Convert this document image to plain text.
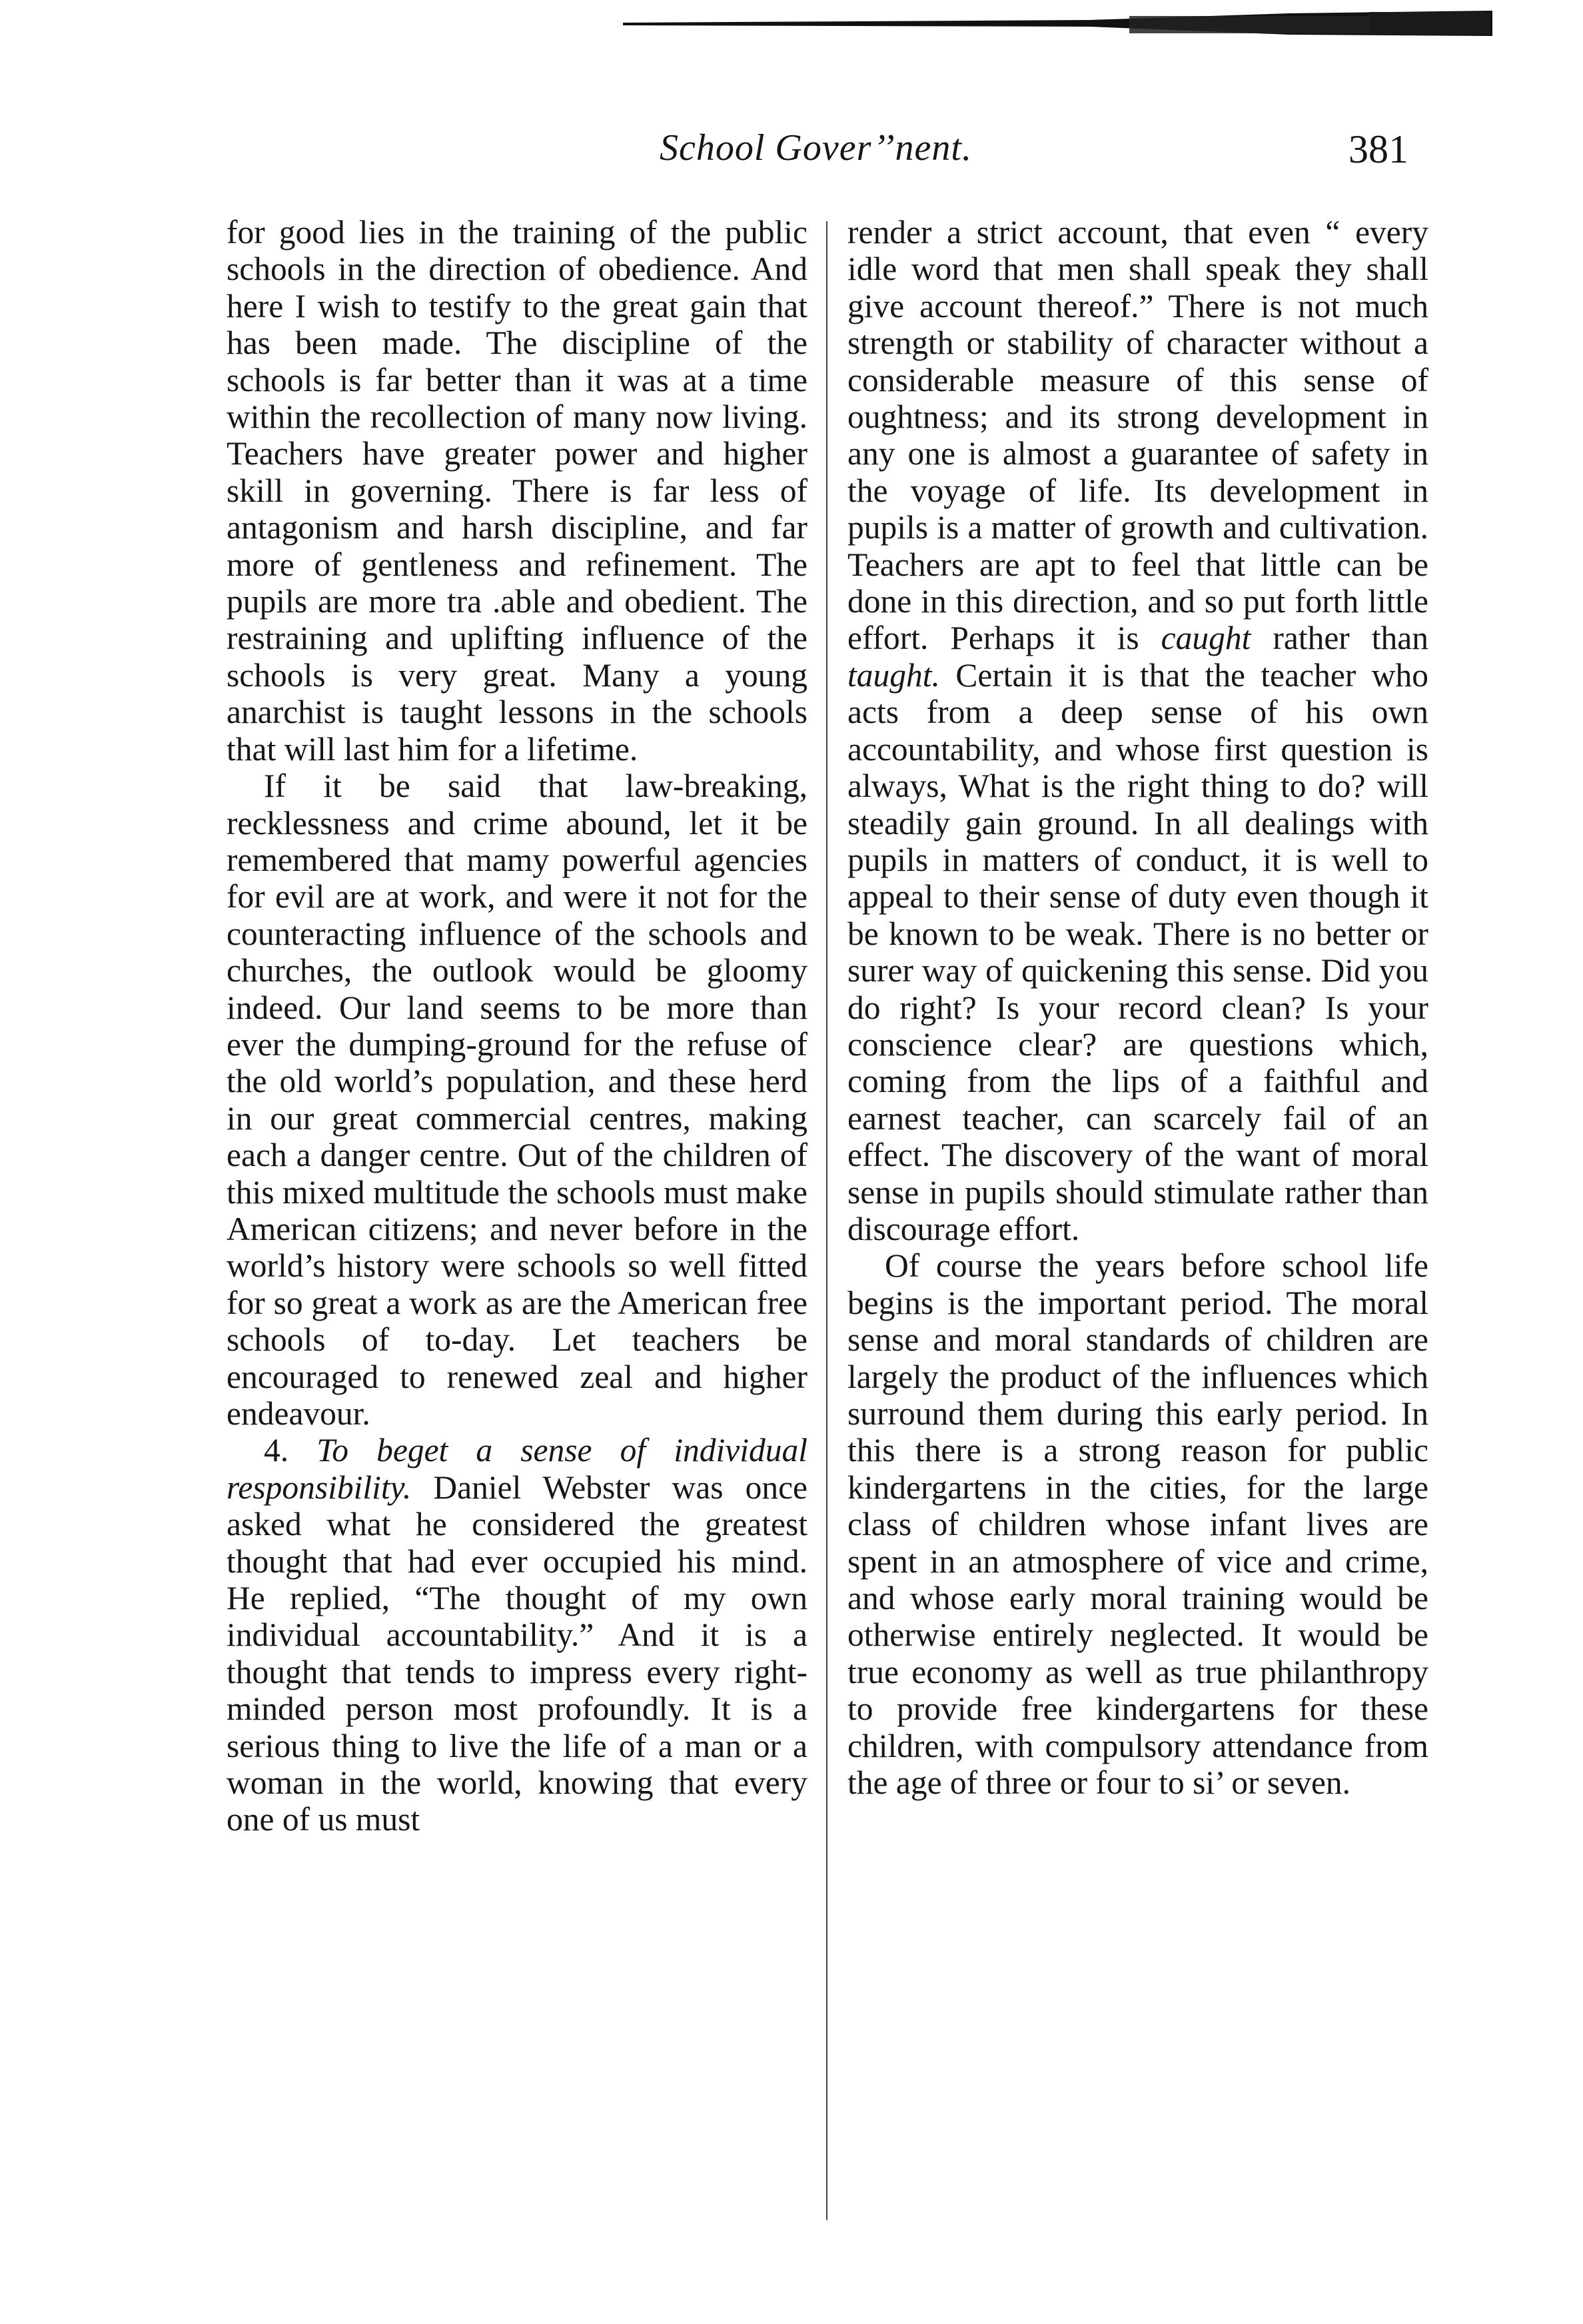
School Gover’’nent.	381

for good lies in the training of the public schools in the direction of obedience. And here I wish to testify to the great gain that has been made. The discipline of the schools is far better than it was at a time within the recollection of many now living. Teachers have greater power and higher skill in governing. There is far less of antagonism and harsh discipline, and far more of gentleness and refinement. The pupils are more tra .able and obedient. The restraining and uplifting influence of the schools is very great. Many a young anarchist is taught lessons in the schools that will last him for a lifetime.

If it be said that law-breaking, recklessness and crime abound, let it be remembered that mamy powerful agencies for evil are at work, and were it not for the counteracting influence of the schools and churches, the outlook would be gloomy indeed. Our land seems to be more than ever the dumping-ground for the refuse of the old world’s population, and these herd in our great commercial centres, making each a danger centre. Out of the children of this mixed multitude the schools must make American citizens; and never before in the world’s history were schools so well fitted for so great a work as are the American free schools of to-day. Let teachers be encouraged to renewed zeal and higher endeavour.

4. To beget a sense of individual responsibility. Daniel Webster was once asked what he considered the greatest thought that had ever occupied his mind. He replied, “The thought of my own individual accountability.” And it is a thought that tends to impress every right-minded person most profoundly. It is a serious thing to live the life of a man or a woman in the world, knowing that every one of us must

render a strict account, that even “ every idle word that men shall speak they shall give account thereof.” There is not much strength or stability of character without a considerable measure of this sense of oughtness; and its strong development in any one is almost a guarantee of safety in the voyage of life. Its development in pupils is a matter of growth and cultivation. Teachers are apt to feel that little can be done in this direction, and so put forth little effort. Perhaps it is caught rather than taught. Certain it is that the teacher who acts from a deep sense of his own accountability, and whose first question is always, What is the right thing to do? will steadily gain ground. In all dealings with pupils in matters of conduct, it is well to appeal to their sense of duty even though it be known to be weak. There is no better or surer way of quickening this sense. Did you do right? Is your record clean? Is your conscience clear? are questions which, coming from the lips of a faithful and earnest teacher, can scarcely fail of an effect. The discovery of the want of moral sense in pupils should stimulate rather than discourage effort.

Of course the years before school life begins is the important period. The moral sense and moral standards of children are largely the product of the influences which surround them during this early period. In this there is a strong reason for public kindergartens in the cities, for the large class of children whose infant lives are spent in an atmosphere of vice and crime, and whose early moral training would be otherwise entirely neglected. It would be true economy as well as true philanthropy to provide free kindergartens for these children, with compulsory attendance from the age of three or four to si’ or seven.
